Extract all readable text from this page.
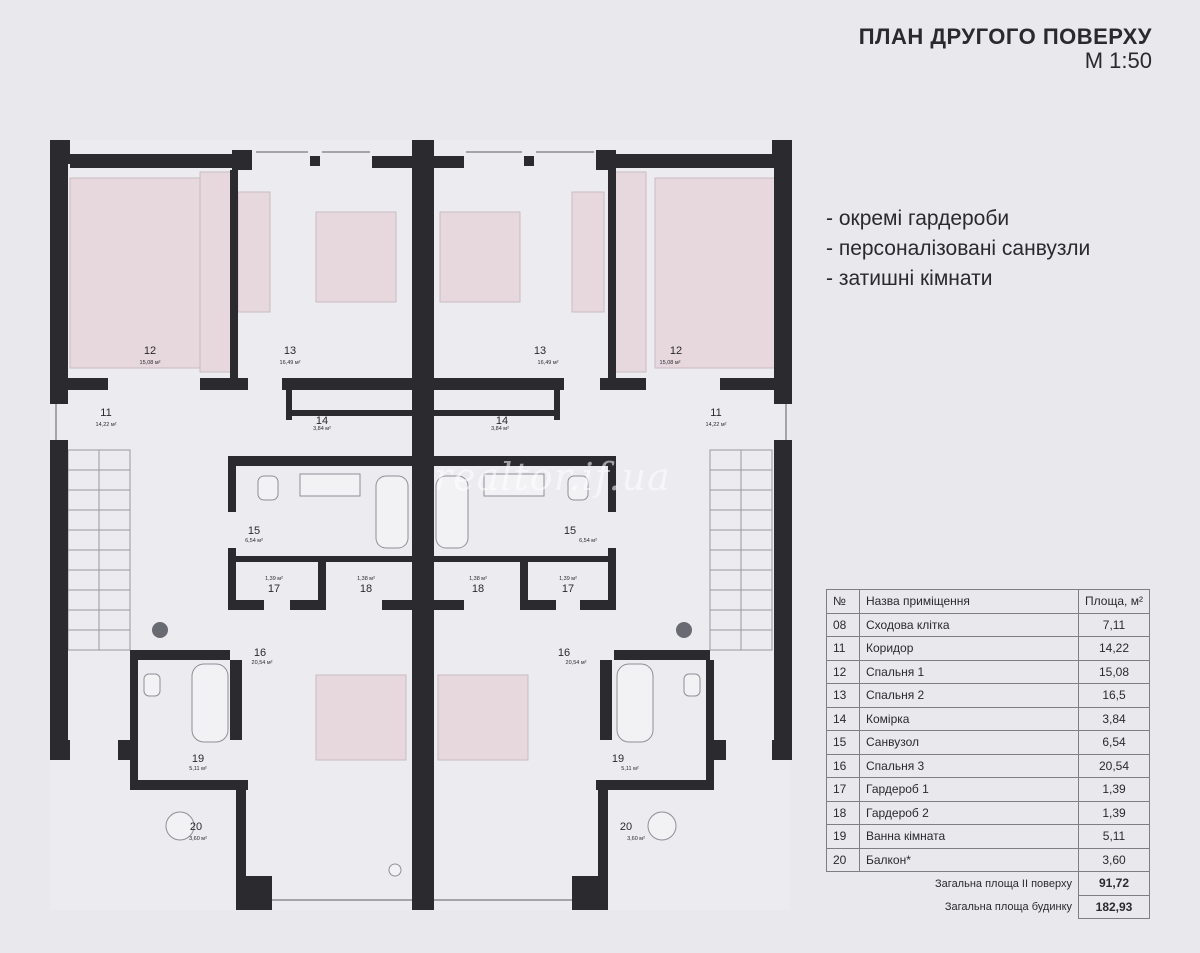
ПЛАН ДРУГОГО ПОВЕРХУ
М 1:50
- окремі гардероби
- персоналізовані санвузли
- затишні кімнати
12
15,08 м²
13
16,49 м²
13
16,49 м²
12
15,08 м²
11
14,22 м²
11
14,22 м²
14
3,84 м²
14
3,84 м²
15
6,54 м²
15
6,54 м²
17
1,39 м²
18
1,38 м²
18
1,38 м²
17
1,39 м²
16
20,54 м²
16
20,54 м²
19
5,11 м²
19
5,11 м²
20
3,60 м²
20
3,60 м²
realtor.if.ua
№	Назва приміщення	Площа, м²
08	Сходова клітка	7,11
11	Коридор	14,22
12	Спальня 1	15,08
13	Спальня 2	16,5
14	Комірка	3,84
15	Санвузол	6,54
16	Спальня 3	20,54
17	Гардероб 1	1,39
18	Гардероб 2	1,39
19	Ванна кімната	5,11
20	Балкон*	3,60
Загальна площа II поверху		91,72
Загальна площа будинку		182,93
